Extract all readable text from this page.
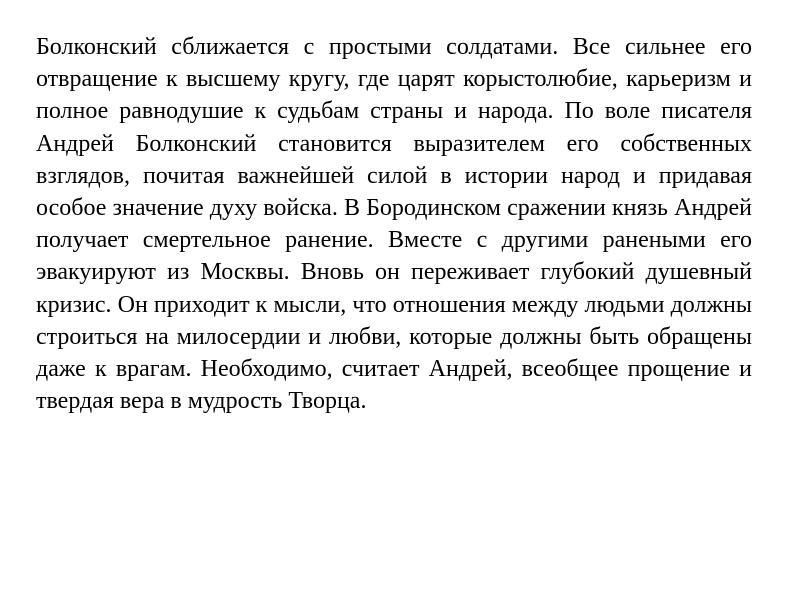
Болконский сближается с простыми солдатами. Все сильнее его отвращение к высшему кругу, где царят корыстолюбие, карьеризм и полное равнодушие к судьбам страны и народа. По воле писателя Андрей Болконский становится выразителем его собственных взглядов, почитая важнейшей силой в истории народ и придавая особое значение духу войска. В Бородинском сражении князь Андрей получает смертельное ранение. Вместе с другими ранеными его эвакуируют из Москвы. Вновь он переживает глубокий душевный кризис. Он приходит к мысли, что отношения между людьми должны строиться на милосердии и любви, которые должны быть обращены даже к врагам. Необходимо, считает Андрей, всеобщее прощение и твердая вера в мудрость Творца.
